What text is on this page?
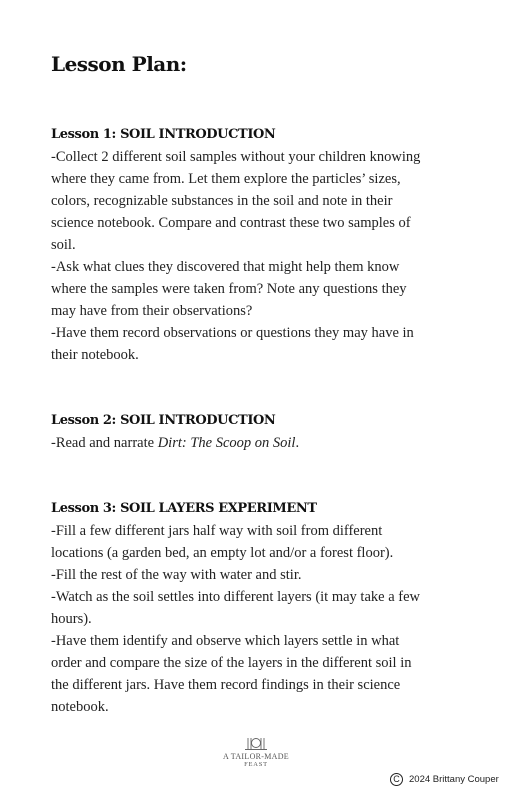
Lesson Plan:

Lesson 1: SOIL INTRODUCTION

-Collect 2 different soil samples without your children knowing

where they came from. Let them explore the particles’ sizes,

colors, recognizable substances in the soil and note in their

science notebook. Compare and contrast these two samples of

soil.

-Ask what clues they discovered that might help them know

where the samples were taken from? Note any questions they

may have from their observations?

-Have them record observations or questions they may have in

their notebook.

Lesson 2: SOIL INTRODUCTION

-Read and narrate Dirt: The Scoop on Soil.

Lesson 3: SOIL LAYERS EXPERIMENT

-Fill a few different jars half way with soil from different

locations (a garden bed, an empty lot and/or a forest floor).

-Fill the rest of the way with water and stir.

-Watch as the soil settles into different layers (it may take a few

hours).

-Have them identify and observe which layers settle in what

order and compare the size of the layers in the different soil in

the different jars. Have them record findings in their science

notebook.

A TAILOR-MADE
FEAST
C 2024 Brittany Couper
